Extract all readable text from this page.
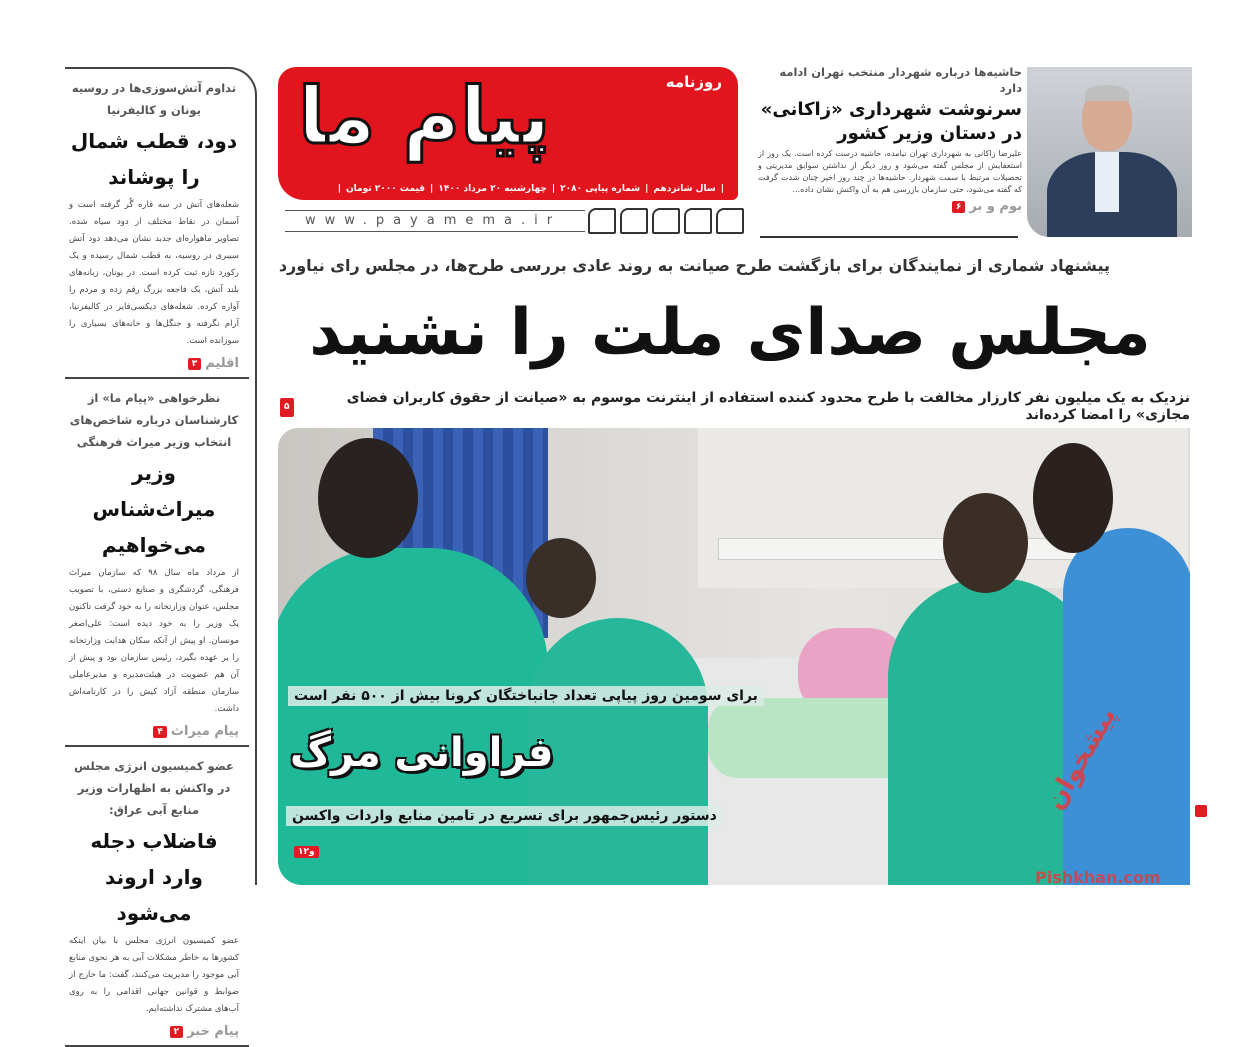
تداوم آتش‌سوزی‌ها در روسیه یونان و کالیفرنیا
دود، قطب شمال را پوشاند
شعله‌های آتش در سه قاره گُر گرفته است و آسمان در نقاط مختلف از دود سیاه شده. تصاویر ماهواره‌ای جدید نشان می‌دهد دود آتش سیبری در روسیه، به قطب شمال رسیده و یک رکورد تازه ثبت کرده است. در یونان، زبانه‌های بلند آتش، یک فاجعه بزرگ رقم زده و مردم را آواره کرده. شعله‌های دیکسی‌فایر در کالیفرنیا، آرام نگرفته و جنگل‌ها و خانه‌های بسیاری را سوزانده است.
اقلیم
۳
نظرخواهی «پیام ما» از کارشناسان درباره شاخص‌های انتخاب وزیر میراث فرهنگی
وزیر میراث‌شناس می‌خواهیم
از مرداد ماه سال ۹۸ که سازمان میراث فرهنگی، گردشگری و صنایع دستی، با تصویب مجلس، عنوان وزارتخانه را به خود گرفت تاکنون یک وزیر را به خود دیده است: علی‌اصغر مونسان. او پیش از آنکه سکان هدایت وزارتخانه را بر عهده بگیرد، رئیس سازمان بود و پیش از آن هم عضویت در هیئت‌مدیره و مدیرعاملی سازمان منطقه آزاد کیش را در کارنامه‌اش داشت.
پیام میراث
۴
عضو کمیسیون انرژی مجلس در واکنش به اظهارات وزیر منابع آبی عراق:
فاضلاب دجله وارد اروند می‌شود
عضو کمیسیون انرژی مجلس با بیان اینکه کشورها به خاطر مشکلات آبی به هر نحوی منابع آبی موجود را مدیریت می‌کنند، گفت: ما خارج از ضوابط و قوانین جهانی اقدامی را به روی آب‌های مشترک نداشته‌ایم.
پیام خبر
۲
پیام ما	روزنامه
|سال شانزدهم|شماره پیاپی ۲۰۸۰|چهارشنبه ۲۰ مرداد ۱۴۰۰|قیمت ۲۰۰۰ تومان|
www.payamema.ir
حاشیه‌ها درباره شهردار منتخب تهران ادامه دارد
سرنوشت شهرداری «زاکانی» در دستان وزیر کشور
علیرضا زاکانی به شهرداری تهران نیامده، حاشیه درست کرده است. یک روز از استعفایش از مجلس گفته می‌شود و روز دیگر از نداشتن سوابق مدیریتی و تحصیلات مرتبط با سمت شهردار. حاشیه‌ها در چند روز اخیر چنان شدت گرفت که گفته می‌شود، حتی سازمان بازرسی هم به آن واکنش نشان داده...
بوم و بر
۶
پیشنهاد شماری از نمایندگان برای بازگشت طرح صیانت به روند عادی بررسی طرح‌ها، در مجلس رای نیاورد
مجلس صدای ملت را نشنید
نزدیک به یک میلیون نفر کارزار مخالفت با طرح محدود کننده استفاده از اینترنت موسوم به «صیانت از حقوق کاربران فضای مجازی» را امضا کرده‌اند
۵
برای سومین روز پیاپی تعداد جانباختگان کرونا بیش از ۵۰۰ نفر است
فراوانی مرگ
دستور رئیس‌جمهور برای تسریع در تامین منابع واردات واکسن
۱و۲

پیشخوان
Pishkhan.com
